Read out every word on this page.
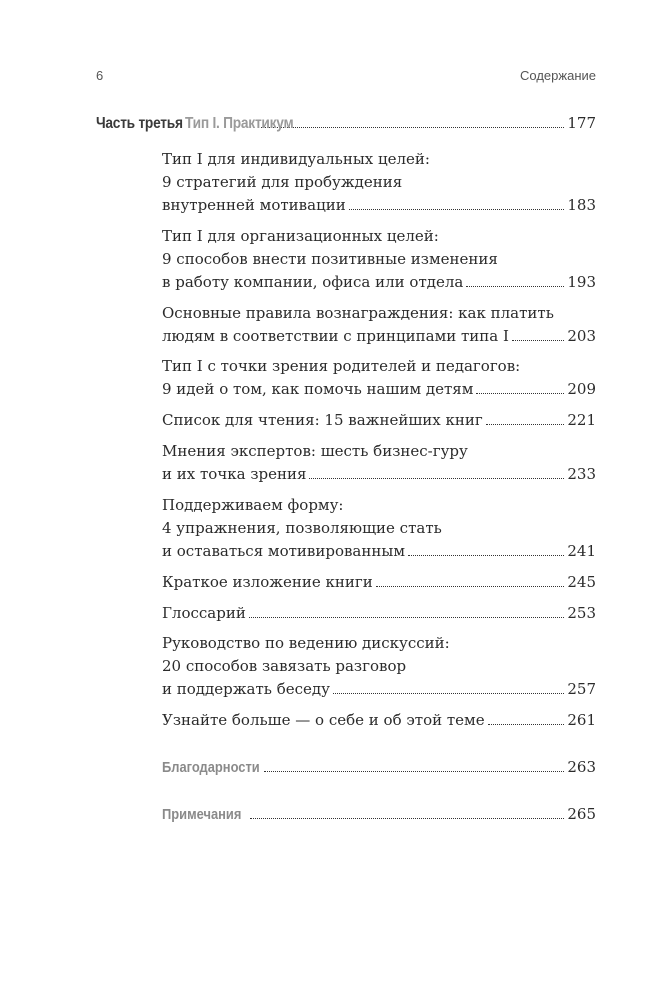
6	Содержание
Часть третья Тип I. Практикум	177
Тип I для индивидуальных целей:
9 стратегий для пробуждения
внутренней мотивации	183
Тип I для организационных целей:
9 способов внести позитивные изменения
в работу компании, офиса или отдела	193
Основные правила вознаграждения: как платить
людям в соответствии с принципами типа I	203
Тип I с точки зрения родителей и педагогов:
9 идей о том, как помочь нашим детям	209
Список для чтения: 15 важнейших книг	221
Мнения экспертов: шесть бизнес-гуру
и их точка зрения	233
Поддерживаем форму:
4 упражнения, позволяющие стать
и оставаться мотивированным	241
Краткое изложение книги	245
Глоссарий	253
Руководство по ведению дискуссий:
20 способов завязать разговор
и поддержать беседу	257
Узнайте больше — о себе и об этой теме	261
Благодарности	263
Примечания	265
